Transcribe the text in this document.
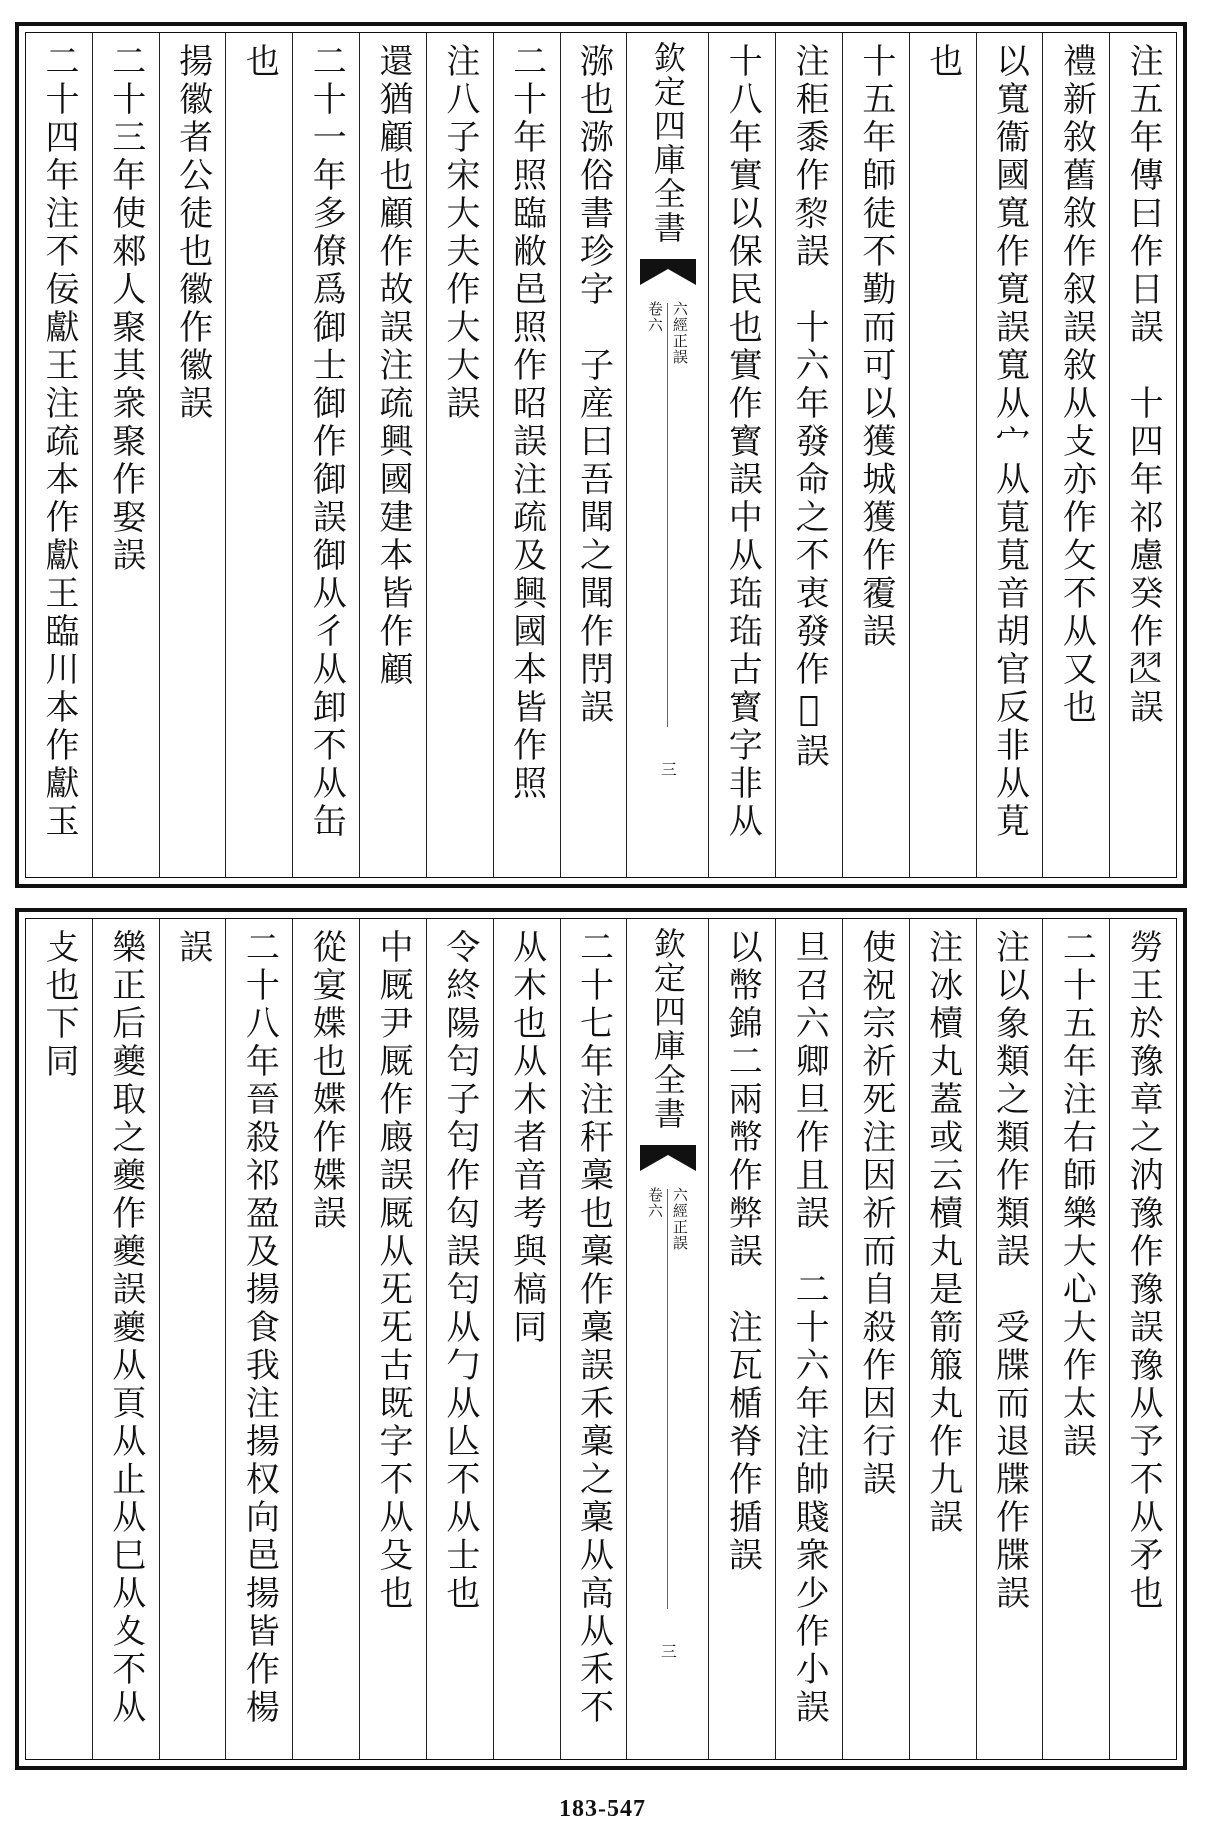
注五年傳曰作日誤　十四年祁慮癸作𦏶誤
禮新敘舊敘作叙誤敘从攴亦作攵不从又也
以寬衞國寬作寛誤寬从宀从萈萈音胡官反非从莧
也
十五年師徒不勤而可以獲城獲作䨱誤
注秬黍作𥟖誤　十六年發命之不衷發作𤼵誤
十八年實以保民也實作寳誤中从珤珤古寳字非从
欽定四庫全書
六經正誤
卷六
三
㳽也㳽俗書珍字　子産曰吾聞之聞作閅誤
二十年照臨敝邑照作昭誤注疏及興國本皆作照
注八子宋大夫作大大誤
還猶顧也顧作故誤注疏興國建本皆作顧
二十一年多僚爲御士御作御誤御从彳从卸不从缶
也
揚徽者公徒也徽作徽誤
二十三年使郲人聚其衆聚作娶誤
二十四年注不佞獻王注疏本作獻王臨川本作獻玉
勞王於豫章之汭豫作豫誤豫从予不从矛也
二十五年注右師樂大心大作太誤
注以象類之類作類誤　受牒而退牒作牒誤
注冰櫝丸蓋或云櫝丸是箭箙丸作九誤
使祝宗祈死注因祈而自殺作因行誤
旦召六卿旦作且誤　二十六年注帥賤衆少作小誤
以幣錦二兩幣作弊誤　注瓦楯脊作揗誤
欽定四庫全書
六經正誤
卷六
三
二十七年注秆稾也稾作稾誤禾稾之稾从高从禾不
从木也从木者音考與槁同
令終陽匄子匄作匃誤匄从勹从亾不从士也
中厩尹厩作廄誤厩从旡旡古既字不从殳也
從宴媟也媟作媟誤
二十八年晉殺祁盈及揚食我注揚权向邑揚皆作楊
誤
樂正后夔取之夔作夔誤夔从頁从止从巳从夊不从
攴也下同
183-547
